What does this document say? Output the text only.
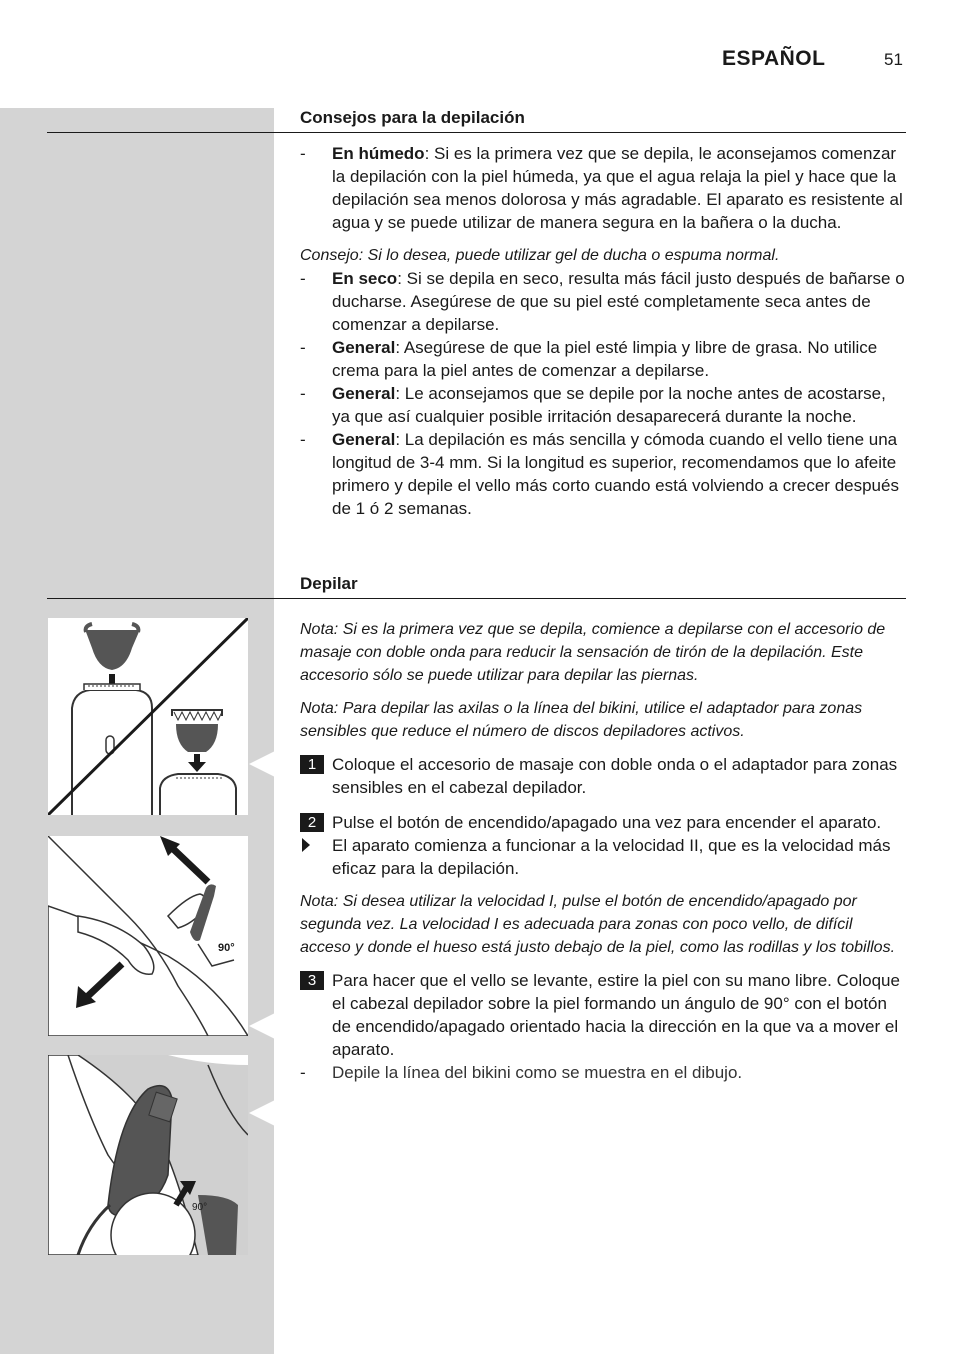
ESPAÑOL	51
Consejos para la depilación
- En húmedo: Si es la primera vez que se depila, le aconsejamos comenzar la depilación con la piel húmeda, ya que el agua relaja la piel y hace que la depilación sea menos dolorosa y más agradable. El aparato es resistente al agua y se puede utilizar de manera segura en la bañera o la ducha.
Consejo: Si lo desea, puede utilizar gel de ducha o espuma normal.
- En seco: Si se depila en seco, resulta más fácil justo después de bañarse o ducharse. Asegúrese de que su piel esté completamente seca antes de comenzar a depilarse.
- General: Asegúrese de que la piel esté limpia y libre de grasa. No utilice crema para la piel antes de comenzar a depilarse.
- General: Le aconsejamos que se depile por la noche antes de acostarse, ya que así cualquier posible irritación desaparecerá durante la noche.
- General: La depilación es más sencilla y cómoda cuando el vello tiene una longitud de 3-4 mm. Si la longitud es superior, recomendamos que lo afeite primero y depile el vello más corto cuando está volviendo a crecer después de 1 ó 2 semanas.
Depilar
Nota: Si es la primera vez que se depila, comience a depilarse con el accesorio de masaje con doble onda para reducir la sensación de tirón de la depilación. Este accesorio sólo se puede utilizar para depilar las piernas.
Nota: Para depilar las axilas o la línea del bikini, utilice el adaptador para zonas sensibles que reduce el número de discos depiladores activos.
1 Coloque el accesorio de masaje con doble onda o el adaptador para zonas sensibles en el cabezal depilador.
2 Pulse el botón de encendido/apagado una vez para encender el aparato.
El aparato comienza a funcionar a la velocidad II, que es la velocidad más eficaz para la depilación.
Nota: Si desea utilizar la velocidad I, pulse el botón de encendido/apagado por segunda vez. La velocidad I es adecuada para zonas con poco vello, de difícil acceso y donde el hueso está justo debajo de la piel, como las rodillas y los tobillos.
3 Para hacer que el vello se levante, estire la piel con su mano libre. Coloque el cabezal depilador sobre la piel formando un ángulo de 90° con el botón de encendido/apagado orientado hacia la dirección en la que va a mover el aparato.
- Depile la línea del bikini como se muestra en el dibujo.
90°
90°
